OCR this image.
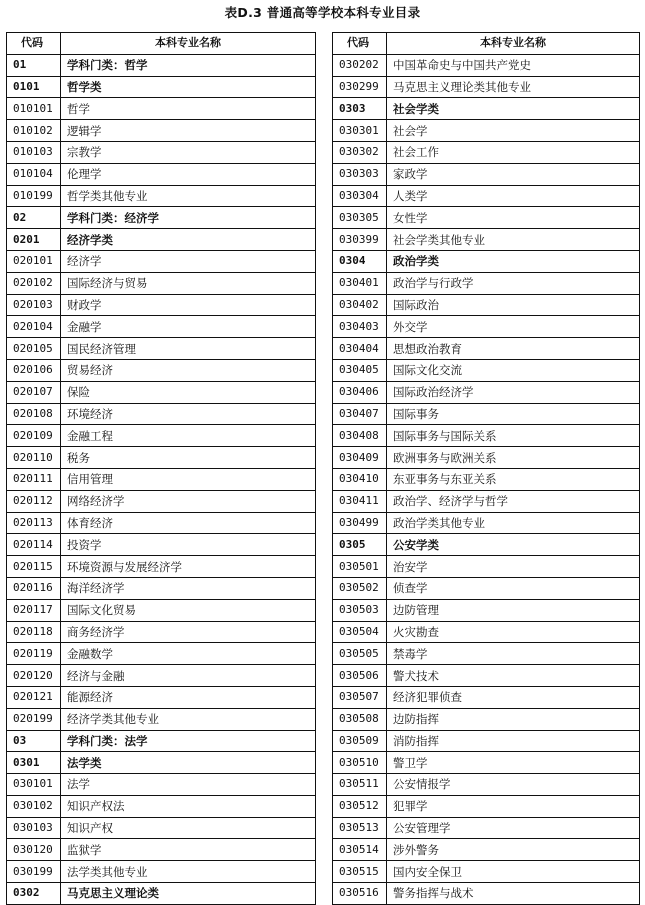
表D.3 普通高等学校本科专业目录
代码	本科专业名称
01	学科门类：哲学
0101	哲学类
010101	哲学
010102	逻辑学
010103	宗教学
010104	伦理学
010199	哲学类其他专业
02	学科门类：经济学
0201	经济学类
020101	经济学
020102	国际经济与贸易
020103	财政学
020104	金融学
020105	国民经济管理
020106	贸易经济
020107	保险
020108	环境经济
020109	金融工程
020110	税务
020111	信用管理
020112	网络经济学
020113	体育经济
020114	投资学
020115	环境资源与发展经济学
020116	海洋经济学
020117	国际文化贸易
020118	商务经济学
020119	金融数学
020120	经济与金融
020121	能源经济
020199	经济学类其他专业
03	学科门类：法学
0301	法学类
030101	法学
030102	知识产权法
030103	知识产权
030120	监狱学
030199	法学类其他专业
0302	马克思主义理论类
代码	本科专业名称
030202	中国革命史与中国共产党史
030299	马克思主义理论类其他专业
0303	社会学类
030301	社会学
030302	社会工作
030303	家政学
030304	人类学
030305	女性学
030399	社会学类其他专业
0304	政治学类
030401	政治学与行政学
030402	国际政治
030403	外交学
030404	思想政治教育
030405	国际文化交流
030406	国际政治经济学
030407	国际事务
030408	国际事务与国际关系
030409	欧洲事务与欧洲关系
030410	东亚事务与东亚关系
030411	政治学、经济学与哲学
030499	政治学类其他专业
0305	公安学类
030501	治安学
030502	侦查学
030503	边防管理
030504	火灾勘查
030505	禁毒学
030506	警犬技术
030507	经济犯罪侦查
030508	边防指挥
030509	消防指挥
030510	警卫学
030511	公安情报学
030512	犯罪学
030513	公安管理学
030514	涉外警务
030515	国内安全保卫
030516	警务指挥与战术
